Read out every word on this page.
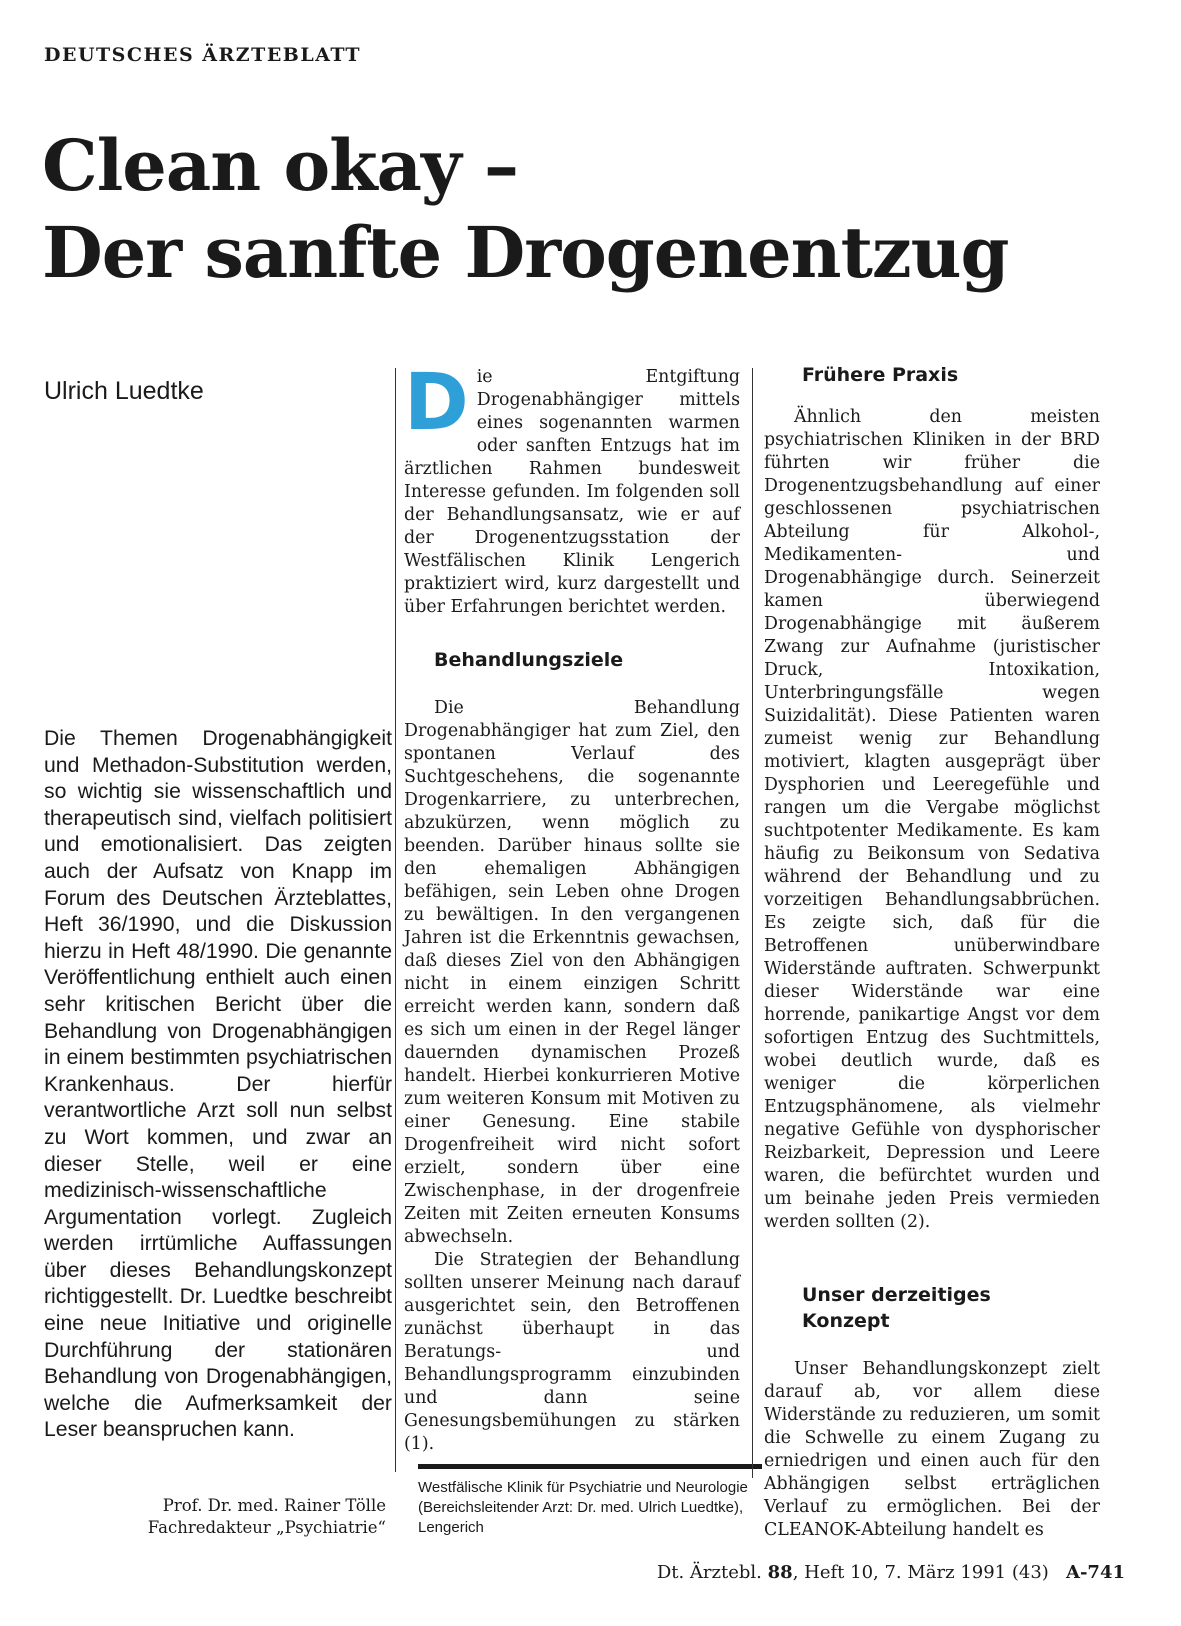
DEUTSCHES ÄRZTEBLATT
Clean okay –
Der sanfte Drogenentzug
Ulrich Luedtke

Die Themen Drogenabhängigkeit und Methadon-Substitution werden, so wichtig sie wissenschaftlich und therapeutisch sind, vielfach politisiert und emotionalisiert. Das zeigten auch der Aufsatz von Knapp im Forum des Deutschen Ärzteblattes, Heft 36/1990, und die Diskussion hierzu in Heft 48/1990. Die genannte Veröffentlichung enthielt auch einen sehr kritischen Bericht über die Behandlung von Drogenabhängigen in einem bestimmten psychiatrischen Krankenhaus. Der hierfür verantwortliche Arzt soll nun selbst zu Wort kommen, und zwar an dieser Stelle, weil er eine medizinisch-wissenschaftliche Argumentation vorlegt. Zugleich werden irrtümliche Auffassungen über dieses Behandlungskonzept richtiggestellt. Dr. Luedtke beschreibt eine neue Initiative und originelle Durchführung der stationären Behandlung von Drogenabhängigen, welche die Aufmerksamkeit der Leser beanspruchen kann.

Prof. Dr. med. Rainer Tölle
Fachredakteur „Psychiatrie“
D ie Entgiftung Drogenabhängiger mittels eines sogenannten warmen oder sanften Entzugs hat im ärztlichen Rahmen bundesweit Interesse gefunden. Im folgenden soll der Behandlungsansatz, wie er auf der Drogenentzugsstation der Westfälischen Klinik Lengerich praktiziert wird, kurz dargestellt und über Erfahrungen berichtet werden.

Behandlungsziele

Die Behandlung Drogenabhängiger hat zum Ziel, den spontanen Verlauf des Suchtgeschehens, die sogenannte Drogenkarriere, zu unterbrechen, abzukürzen, wenn möglich zu beenden. Darüber hinaus sollte sie den ehemaligen Abhängigen befähigen, sein Leben ohne Drogen zu bewältigen. In den vergangenen Jahren ist die Erkenntnis gewachsen, daß dieses Ziel von den Abhängigen nicht in einem einzigen Schritt erreicht werden kann, sondern daß es sich um einen in der Regel länger dauernden dynamischen Prozeß handelt. Hierbei konkurrieren Motive zum weiteren Konsum mit Motiven zu einer Genesung. Eine stabile Drogenfreiheit wird nicht sofort erzielt, sondern über eine Zwischenphase, in der drogenfreie Zeiten mit Zeiten erneuten Konsums abwechseln.

Die Strategien der Behandlung sollten unserer Meinung nach darauf ausgerichtet sein, den Betroffenen zunächst überhaupt in das Beratungs- und Behandlungsprogramm einzubinden und dann seine Genesungsbemühungen zu stärken (1).

Westfälische Klinik für Psychiatrie und Neurologie (Bereichsleitender Arzt: Dr. med. Ulrich Luedtke), Lengerich
Frühere Praxis

Ähnlich den meisten psychiatrischen Kliniken in der BRD führten wir früher die Drogenentzugsbehandlung auf einer geschlossenen psychiatrischen Abteilung für Alkohol-, Medikamenten- und Drogenabhängige durch. Seinerzeit kamen überwiegend Drogenabhängige mit äußerem Zwang zur Aufnahme (juristischer Druck, Intoxikation, Unterbringungsfälle wegen Suizidalität). Diese Patienten waren zumeist wenig zur Behandlung motiviert, klagten ausgeprägt über Dysphorien und Leeregefühle und rangen um die Vergabe möglichst suchtpotenter Medikamente. Es kam häufig zu Beikonsum von Sedativa während der Behandlung und zu vorzeitigen Behandlungsabbrüchen. Es zeigte sich, daß für die Betroffenen unüberwindbare Widerstände auftraten. Schwerpunkt dieser Widerstände war eine horrende, panikartige Angst vor dem sofortigen Entzug des Suchtmittels, wobei deutlich wurde, daß es weniger die körperlichen Entzugsphänomene, als vielmehr negative Gefühle von dysphorischer Reizbarkeit, Depression und Leere waren, die befürchtet wurden und um beinahe jeden Preis vermieden werden sollten (2).

Unser derzeitiges
Konzept

Unser Behandlungskonzept zielt darauf ab, vor allem diese Widerstände zu reduzieren, um somit die Schwelle zu einem Zugang zu erniedrigen und einen auch für den Abhängigen selbst erträglichen Verlauf zu ermöglichen. Bei der CLEANOK-Abteilung handelt es

Dt. Ärztebl. 88, Heft 10, 7. März 1991 (43) A-741
